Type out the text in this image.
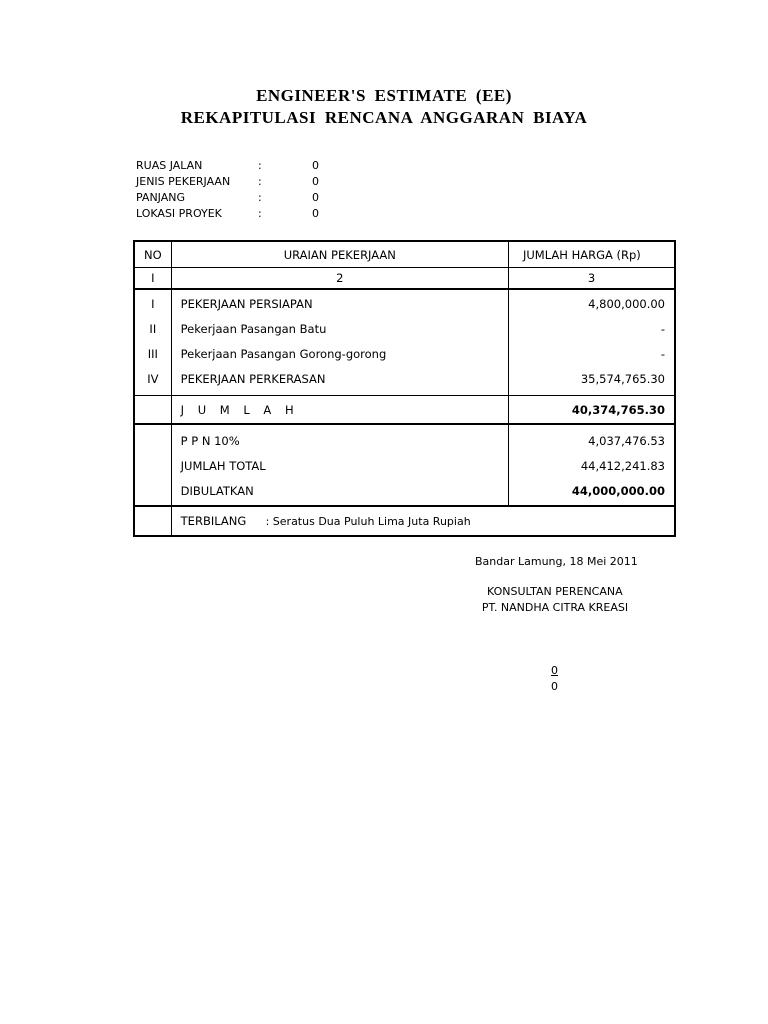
ENGINEER'S ESTIMATE (EE)
REKAPITULASI RENCANA ANGGARAN BIAYA
RUAS JALAN	:	0
JENIS PEKERJAAN	:	0
PANJANG	:	0
LOKASI PROYEK	:	0
NO	URAIAN PEKERJAAN	JUMLAH HARGA (Rp)
I	2	3
I	PEKERJAAN PERSIAPAN	4,800,000.00
II	Pekerjaan Pasangan Batu	-
III	Pekerjaan Pasangan Gorong-gorong	-
IV	PEKERJAAN PERKERASAN	35,574,765.30
	J U M L A H	40,374,765.30
	P P N 10%	4,037,476.53
	JUMLAH TOTAL	44,412,241.83
	DIBULATKAN	44,000,000.00
	TERBILANG : Seratus Dua Puluh Lima Juta Rupiah	
Bandar Lamung, 18 Mei 2011
KONSULTAN PERENCANA
PT. NANDHA CITRA KREASI
0
0
